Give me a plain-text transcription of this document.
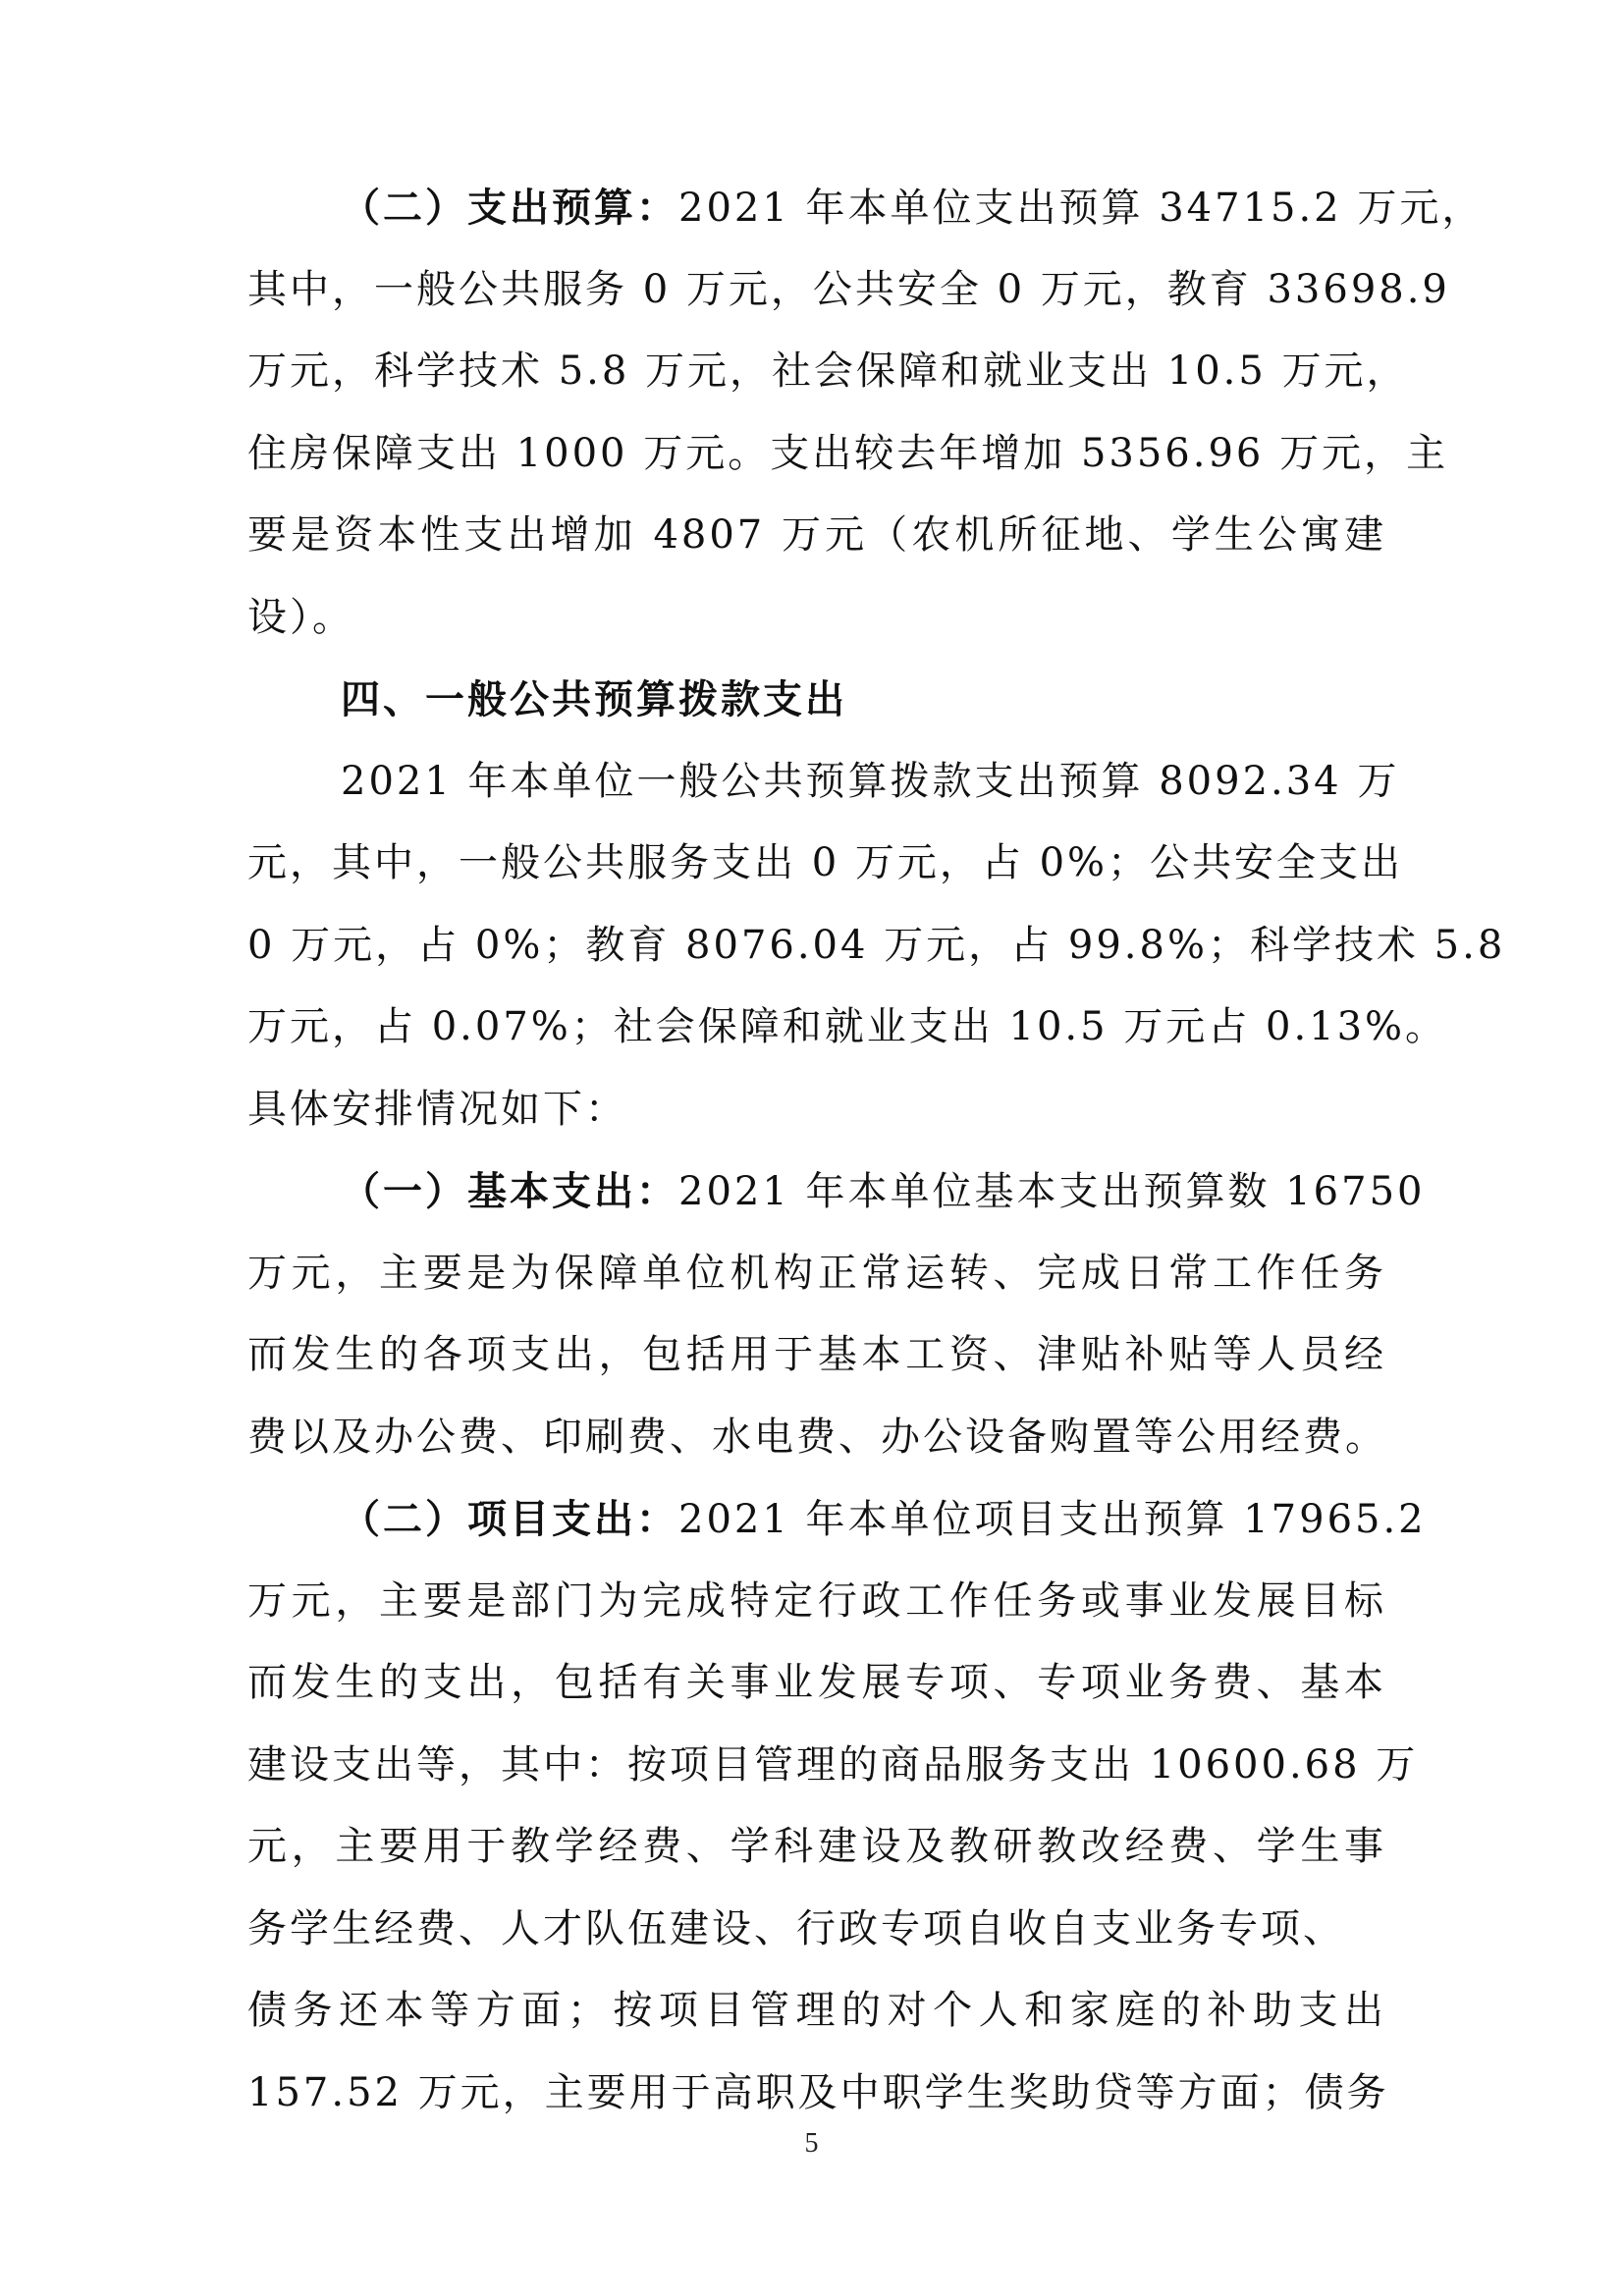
（二）支出预算：2021 年本单位支出预算 34715.2 万元，
其中，一般公共服务 0 万元，公共安全 0 万元，教育 33698.9
万元，科学技术 5.8 万元，社会保障和就业支出 10.5 万元，
住房保障支出 1000 万元。支出较去年增加 5356.96 万元，主
要是资本性支出增加 4807 万元（农机所征地、学生公寓建
设）。
四、一般公共预算拨款支出
2021 年本单位一般公共预算拨款支出预算 8092.34 万
元，其中，一般公共服务支出 0 万元，占 0%；公共安全支出
0 万元，占 0%；教育 8076.04 万元，占 99.8%；科学技术 5.8
万元，占 0.07%；社会保障和就业支出 10.5 万元占 0.13%。
具体安排情况如下：
（一）基本支出：2021 年本单位基本支出预算数 16750
万元，主要是为保障单位机构正常运转、完成日常工作任务
而发生的各项支出，包括用于基本工资、津贴补贴等人员经
费以及办公费、印刷费、水电费、办公设备购置等公用经费。
（二）项目支出：2021 年本单位项目支出预算 17965.2
万元，主要是部门为完成特定行政工作任务或事业发展目标
而发生的支出，包括有关事业发展专项、专项业务费、基本
建设支出等，其中：按项目管理的商品服务支出 10600.68 万
元，主要用于教学经费、学科建设及教研教改经费、学生事
务学生经费、人才队伍建设、行政专项自收自支业务专项、
债务还本等方面；按项目管理的对个人和家庭的补助支出
157.52 万元，主要用于高职及中职学生奖助贷等方面；债务
5
